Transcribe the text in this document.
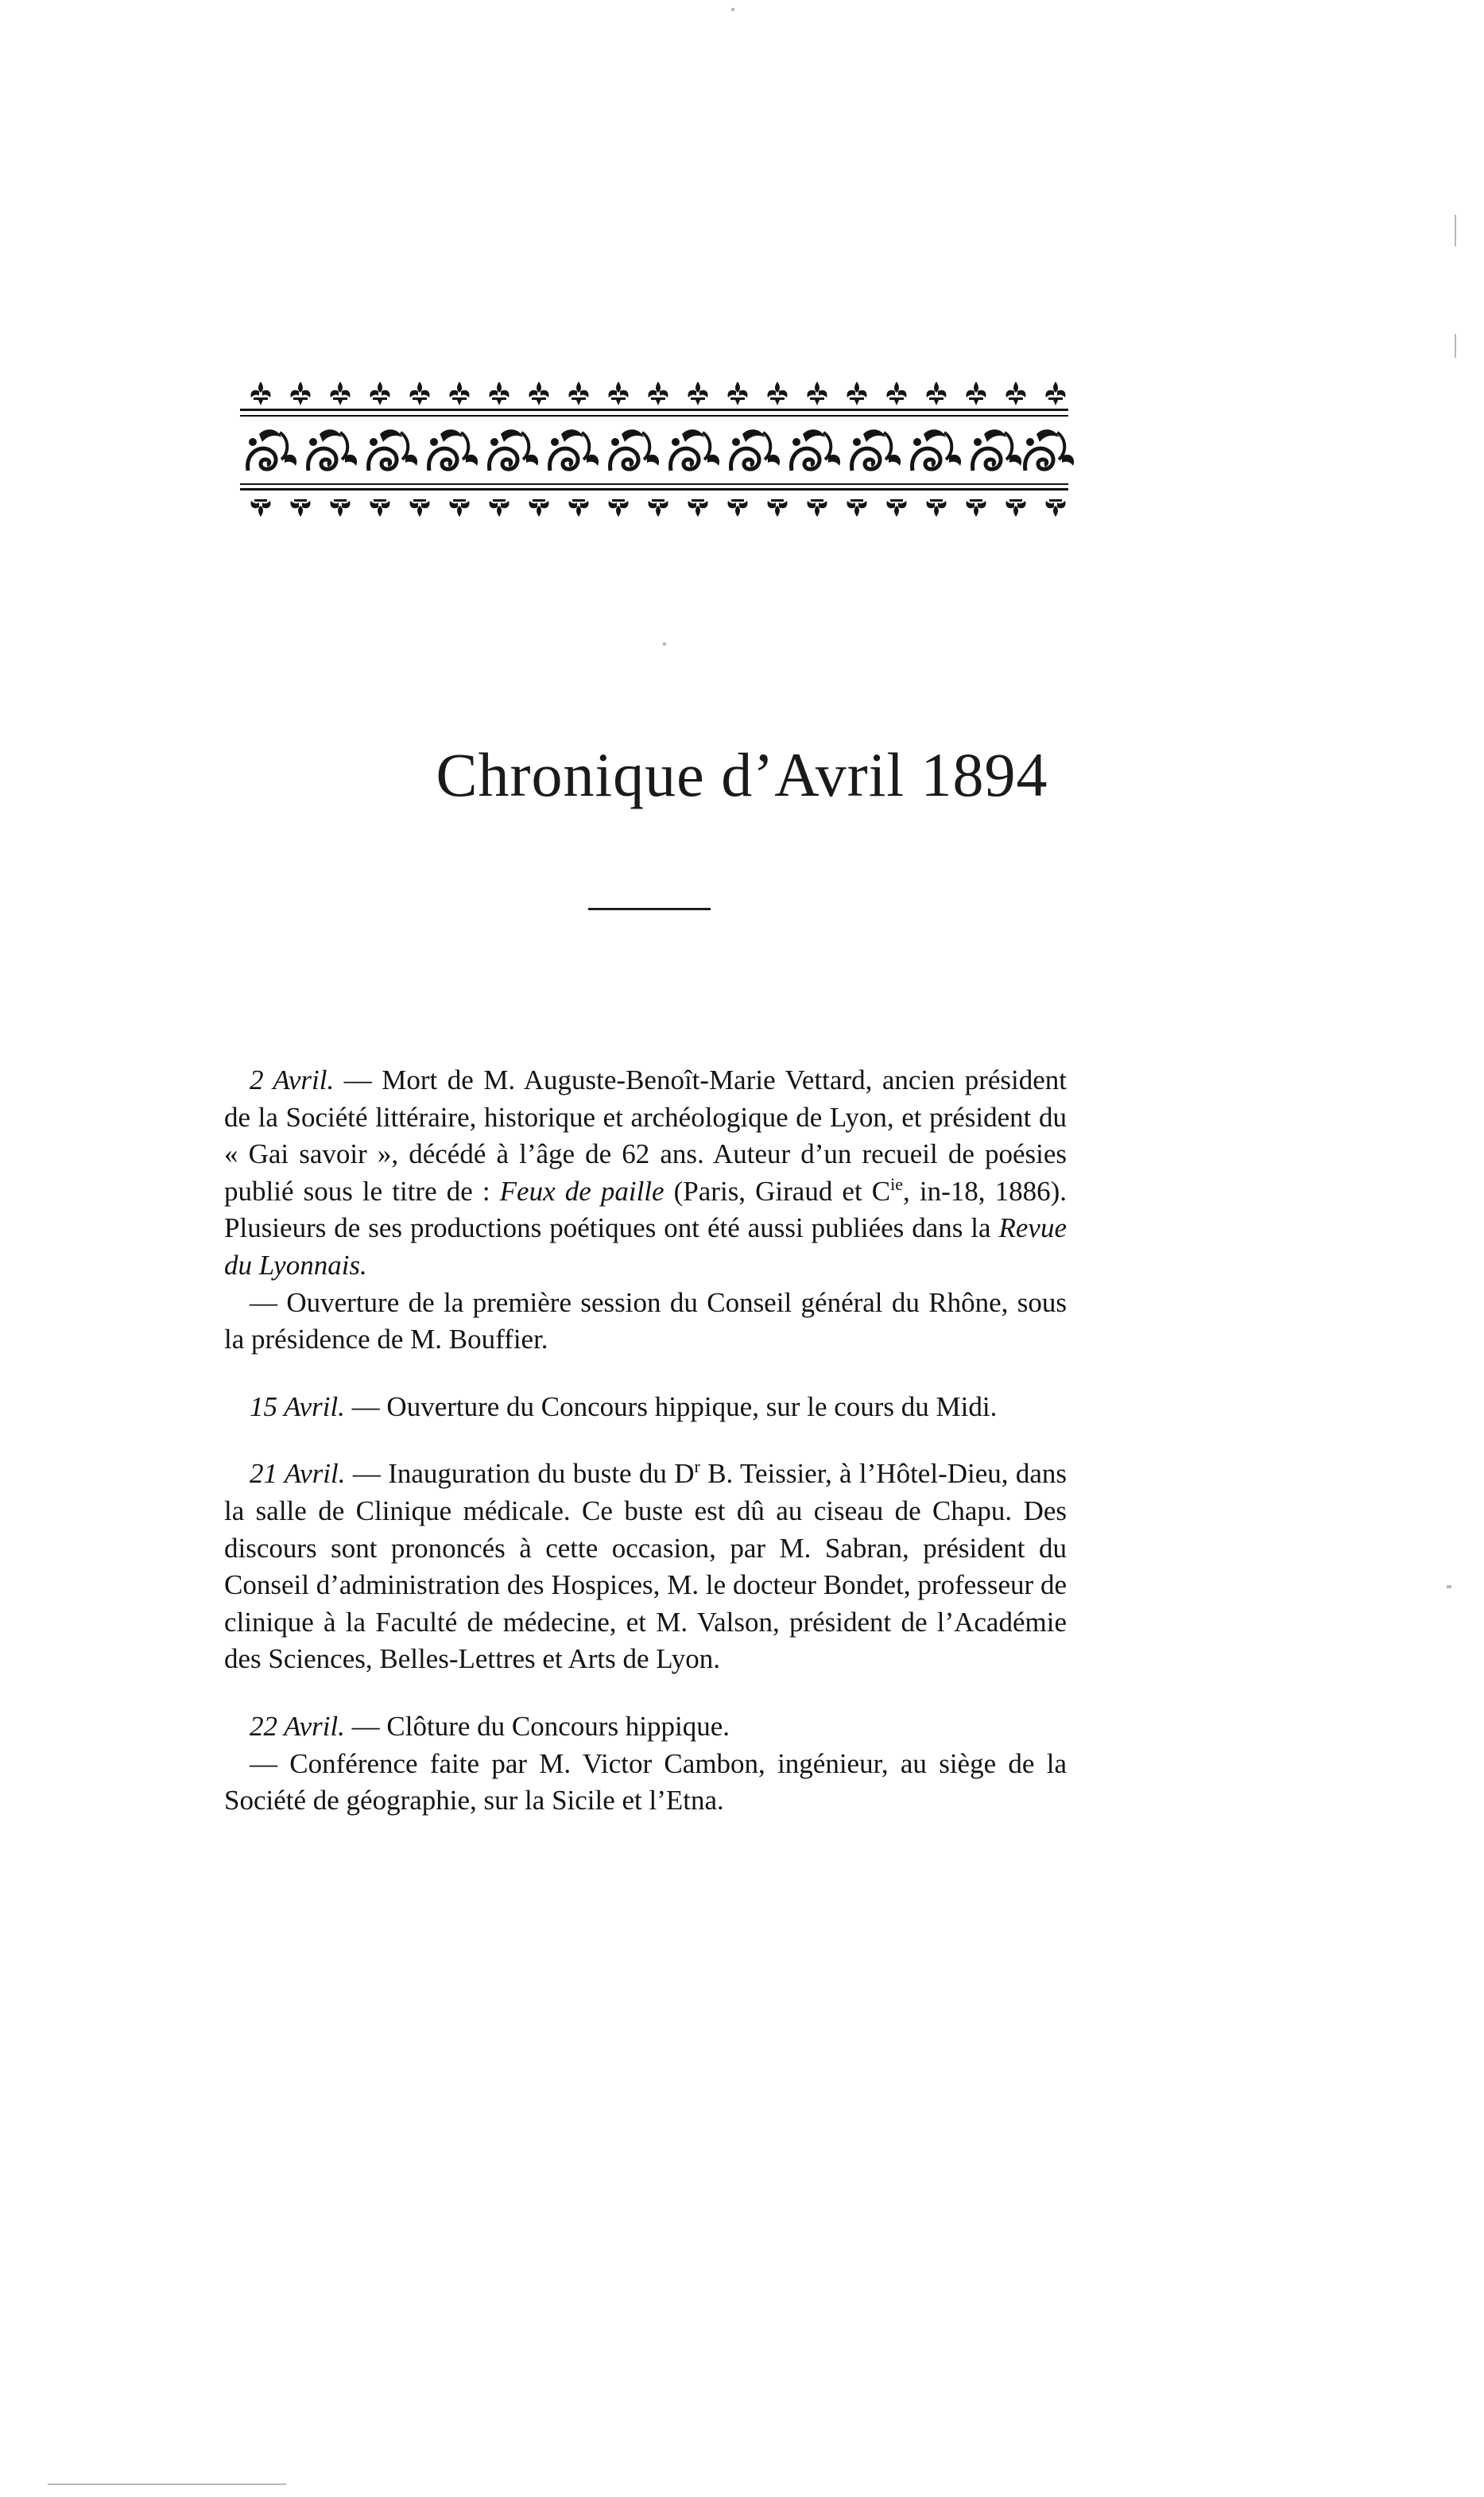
Chronique d’Avril 1894

2 Avril. — Mort de M. Auguste-Benoît-Marie Vettard, ancien président de la Société littéraire, historique et archéologique de Lyon, et président du « Gai savoir », décédé à l’âge de 62 ans. Auteur d’un recueil de poésies publié sous le titre de : Feux de paille (Paris, Giraud et $C^{ie}$, in-18, 1886). Plusieurs de ses productions poétiques ont été aussi publiées dans la Revue du Lyonnais.

— Ouverture de la première session du Conseil général du Rhône, sous la présidence de M. Bouffier.

15 Avril. — Ouverture du Concours hippique, sur le cours du Midi.

21 Avril. — Inauguration du buste du $D^r$ B. Teissier, à l’Hôtel-Dieu, dans la salle de Clinique médicale. Ce buste est dû au ciseau de Chapu. Des discours sont prononcés à cette occasion, par M. Sabran, président du Conseil d’administration des Hospices, M. le docteur Bondet, professeur de clinique à la Faculté de médecine, et M. Valson, président de l’Académie des Sciences, Belles-Lettres et Arts de Lyon.

22 Avril. — Clôture du Concours hippique.

— Conférence faite par M. Victor Cambon, ingénieur, au siège de la Société de géographie, sur la Sicile et l’Etna.
